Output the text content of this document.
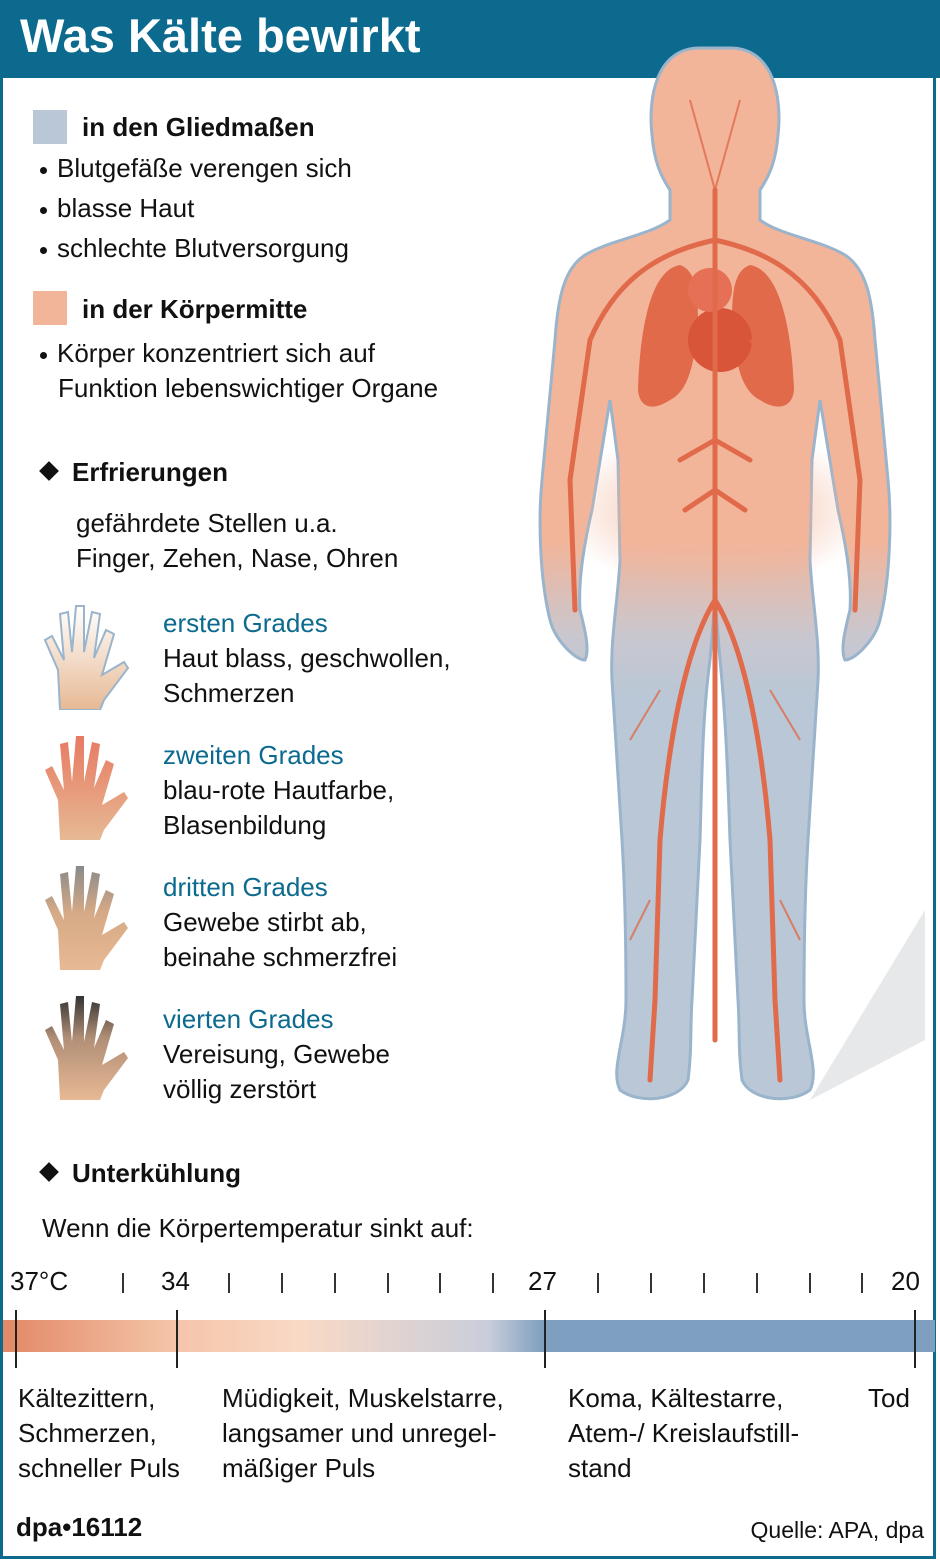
Was Kälte bewirkt
in den Gliedmaßen
Blutgefäße verengen sich
blasse Haut
schlechte Blutversorgung
in der Körpermitte
Körper konzentriert sich auf
Funktion lebenswichtiger Organe
Erfrierungen
gefährdete Stellen u.a.
Finger, Zehen, Nase, Ohren
ersten Grades
Haut blass, geschwollen,
Schmerzen
zweiten Grades
blau-rote Hautfarbe,
Blasenbildung
dritten Grades
Gewebe stirbt ab,
beinahe schmerzfrei
vierten Grades
Vereisung, Gewebe
völlig zerstört
Unterkühlung
Wenn die Körpertemperatur sinkt auf:
37°C	34	27	20
Kältezittern,
Schmerzen,
schneller Puls
Müdigkeit, Muskelstarre,
langsamer und unregel-
mäßiger Puls
Koma, Kältestarre,
Atem-/ Kreislaufstill-
stand
Tod
dpa•16112	Quelle: APA, dpa
